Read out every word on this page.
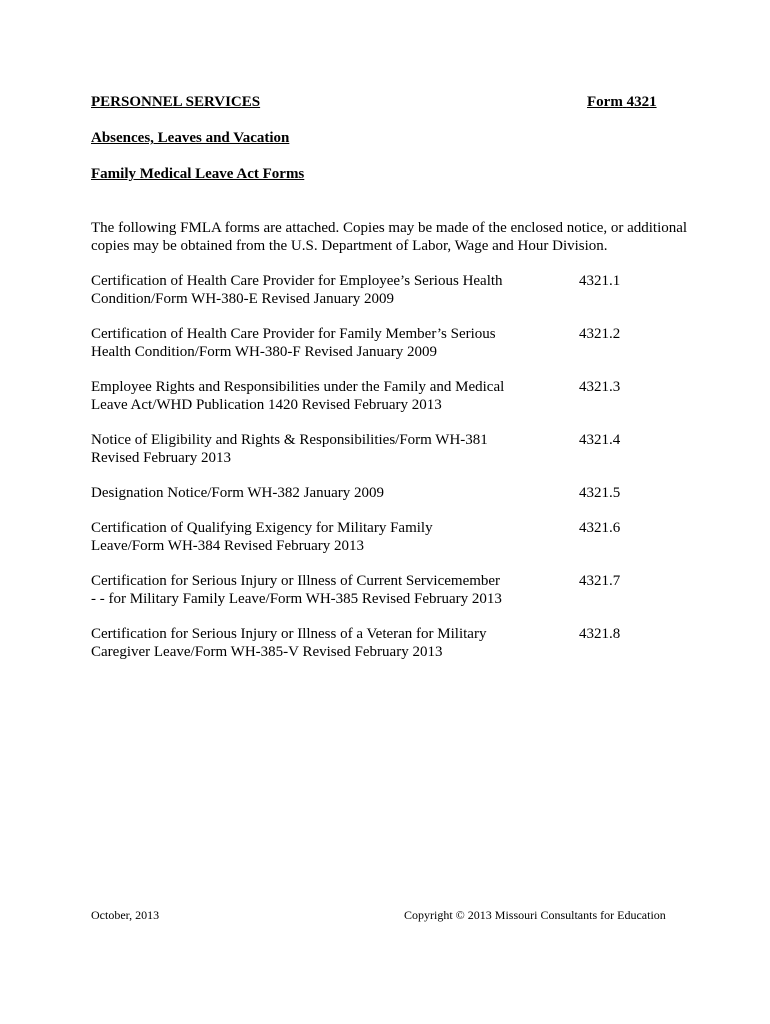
PERSONNEL SERVICES	Form 4321
Absences, Leaves and Vacation
Family Medical Leave Act Forms
The following FMLA forms are attached. Copies may be made of the enclosed notice, or additional copies may be obtained from the U.S. Department of Labor, Wage and Hour Division.
Certification of Health Care Provider for Employee’s Serious Health
Condition/Form WH-380-E Revised January 2009
4321.1
Certification of Health Care Provider for Family Member’s Serious
Health Condition/Form WH-380-F Revised January 2009
4321.2
Employee Rights and Responsibilities under the Family and Medical
Leave Act/WHD Publication 1420 Revised February 2013
4321.3
Notice of Eligibility and Rights & Responsibilities/Form WH-381
Revised February 2013
4321.4
Designation Notice/Form WH-382 January 2009	4321.5
Certification of Qualifying Exigency for Military Family
Leave/Form WH-384 Revised February 2013
4321.6
Certification for Serious Injury or Illness of Current Servicemember
- - for Military Family Leave/Form WH-385 Revised February 2013
4321.7
Certification for Serious Injury or Illness of a Veteran for Military
Caregiver Leave/Form WH-385-V Revised February 2013
4321.8
October, 2013	Copyright © 2013 Missouri Consultants for Education
